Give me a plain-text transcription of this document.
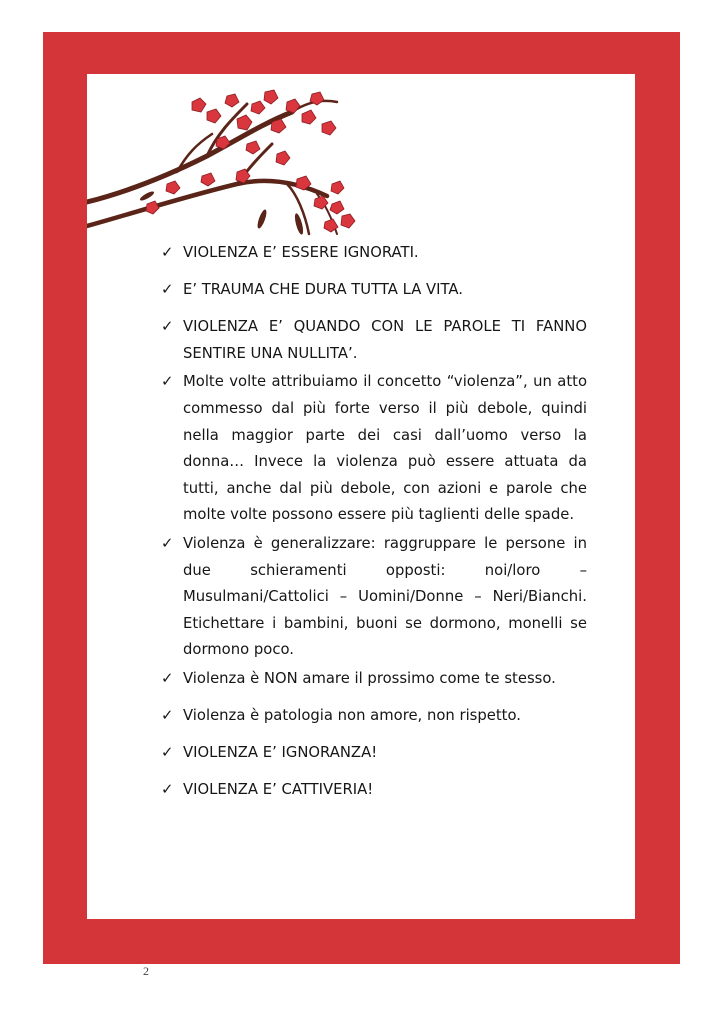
✓ VIOLENZA E’ ESSERE IGNORATI.
✓ E’ TRAUMA CHE DURA TUTTA LA VITA.
✓ VIOLENZA E’ QUANDO CON LE PAROLE TI FANNO SENTIRE UNA NULLITA’.
✓ Molte volte attribuiamo il concetto “violenza”, un atto commesso dal più forte verso il più debole, quindi nella maggior parte dei casi dall’uomo verso la donna… Invece la violenza può essere attuata da tutti, anche dal più debole, con azioni e parole che molte volte possono essere più taglienti delle spade.
✓ Violenza è generalizzare: raggruppare le persone in due schieramenti opposti: noi/loro – Musulmani/Cattolici – Uomini/Donne – Neri/Bianchi. Etichettare i bambini, buoni se dormono, monelli se dormono poco.
✓ Violenza è NON amare il prossimo come te stesso.
✓ Violenza è patologia non amore, non rispetto.
✓ VIOLENZA E’ IGNORANZA!
✓ VIOLENZA E’ CATTIVERIA!
2
